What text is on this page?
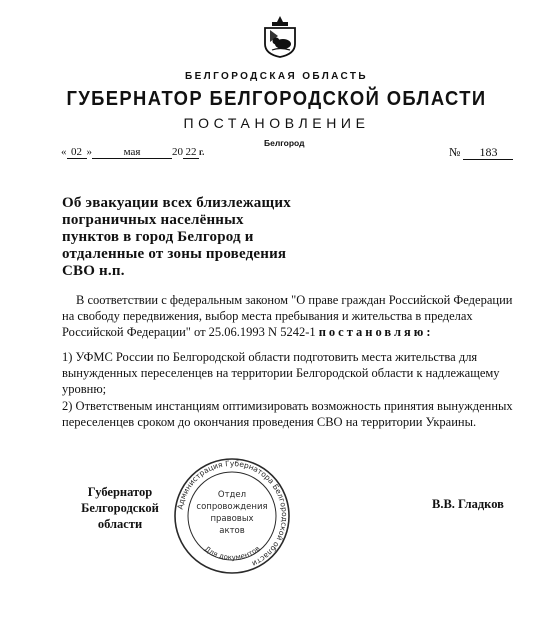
БЕЛГОРОДСКАЯ ОБЛАСТЬ
ГУБЕРНАТОР БЕЛГОРОДСКОЙ ОБЛАСТИ
ПОСТАНОВЛЕНИЕ
Белгород
« 02 »	мая	20 22 г.	№ 183
Об эвакуации всех близлежащих
пограничных населённых
пунктов в город Белгород и
отдаленные от зоны проведения
СВО н.п.
В соответствии с федеральным законом "О праве граждан Российской Федерации на свободу передвижения, выбор места пребывания и жительства в пределах Российской Федерации" от 25.06.1993 N 5242-1 постановляю:
1) УФМС России по Белгородской области подготовить места жительства для вынужденных переселенцев на территории Белгородской области к надлежащему уровню;
2) Ответственым инстанциям оптимизировать возможность принятия вынужденных переселенцев сроком до окончания проведения СВО на территории Украины.
Губернатор
Белгородской области
В.В. Гладков
Администрация Губернатора Белгородской области
Для документов
Отдел
сопровождения
правовых
актов
